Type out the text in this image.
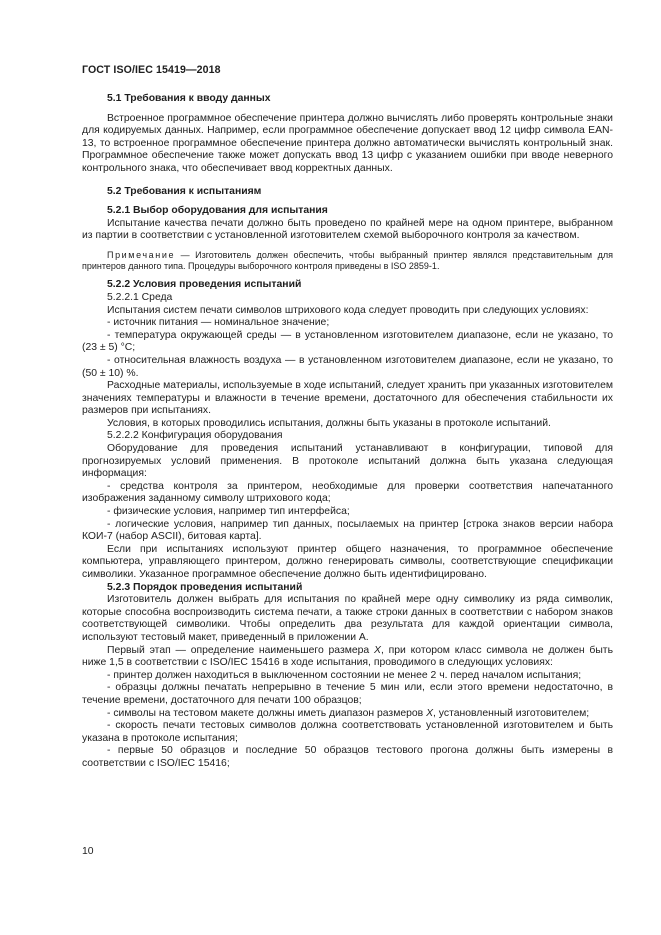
ГОСТ ISO/IEC 15419—2018
5.1 Требования к вводу данных

Встроенное программное обеспечение принтера должно вычислять либо проверять контрольные знаки для кодируемых данных. Например, если программное обеспечение допускает ввод 12 цифр символа EAN-13, то встроенное программное обеспечение принтера должно автоматически вычислять контрольный знак. Программное обеспечение также может допускать ввод 13 цифр с указанием ошибки при вводе неверного контрольного знака, что обеспечивает ввод корректных данных.

5.2 Требования к испытаниям
5.2.1 Выбор оборудования для испытания

Испытание качества печати должно быть проведено по крайней мере на одном принтере, выбранном из партии в соответствии с установленной изготовителем схемой выборочного контроля за качеством.

Примечание — Изготовитель должен обеспечить, чтобы выбранный принтер являлся представительным для принтеров данного типа. Процедуры выборочного контроля приведены в ISO 2859-1.

5.2.2 Условия проведения испытаний
5.2.2.1 Среда

Испытания систем печати символов штрихового кода следует проводить при следующих условиях:

- источник питания — номинальное значение;

- температура окружающей среды — в установленном изготовителем диапазоне, если не указано, то (23 ± 5) °С;

- относительная влажность воздуха — в установленном изготовителем диапазоне, если не указано, то (50 ± 10) %.

Расходные материалы, используемые в ходе испытаний, следует хранить при указанных изготовителем значениях температуры и влажности в течение времени, достаточного для обеспечения стабильности их размеров при испытаниях.

Условия, в которых проводились испытания, должны быть указаны в протоколе испытаний.

5.2.2.2 Конфигурация оборудования

Оборудование для проведения испытаний устанавливают в конфигурации, типовой для прогнозируемых условий применения. В протоколе испытаний должна быть указана следующая информация:

- средства контроля за принтером, необходимые для проверки соответствия напечатанного изображения заданному символу штрихового кода;

- физические условия, например тип интерфейса;

- логические условия, например тип данных, посылаемых на принтер [строка знаков версии набора КОИ-7 (набор ASCII), битовая карта].

Если при испытаниях используют принтер общего назначения, то программное обеспечение компьютера, управляющего принтером, должно генерировать символы, соответствующие спецификации символики. Указанное программное обеспечение должно быть идентифицировано.

5.2.3 Порядок проведения испытаний

Изготовитель должен выбрать для испытания по крайней мере одну символику из ряда символик, которые способна воспроизводить система печати, а также строки данных в соответствии с набором знаков соответствующей символики. Чтобы определить два результата для каждой ориентации символа, используют тестовый макет, приведенный в приложении А.

Первый этап — определение наименьшего размера Х, при котором класс символа не должен быть ниже 1,5 в соответствии с ISO/IEC 15416 в ходе испытания, проводимого в следующих условиях:

- принтер должен находиться в выключенном состоянии не менее 2 ч. перед началом испытания;

- образцы должны печатать непрерывно в течение 5 мин или, если этого времени недостаточно, в течение времени, достаточного для печати 100 образцов;

- символы на тестовом макете должны иметь диапазон размеров Х, установленный изготовителем;

- скорость печати тестовых символов должна соответствовать установленной изготовителем и быть указана в протоколе испытания;

- первые 50 образцов и последние 50 образцов тестового прогона должны быть измерены в соответствии с ISO/IEC 15416;

10
